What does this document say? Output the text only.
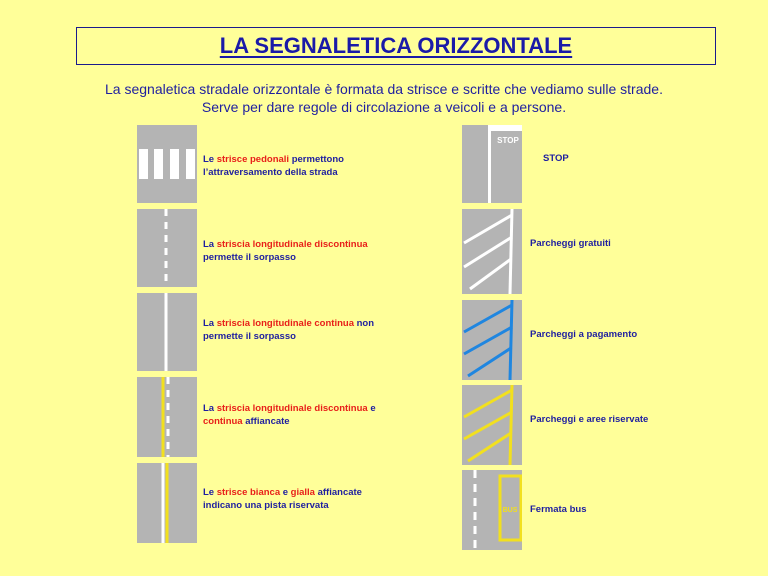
LA SEGNALETICA ORIZZONTALE
La segnaletica stradale orizzontale è formata da strisce e scritte che vediamo sulle strade.
Serve per dare regole di circolazione a veicoli e a persone.
Le strisce pedonali permettono l’attraversamento della strada
La striscia longitudinale discontinua permette il sorpasso
La striscia longitudinale continua non permette il sorpasso
La striscia longitudinale discontinua e continua affiancate
Le strisce bianca e gialla affiancate indicano una pista riservata
STOP
BUS
STOP
Parcheggi gratuiti
Parcheggi a pagamento
Parcheggi e aree riservate
Fermata bus
